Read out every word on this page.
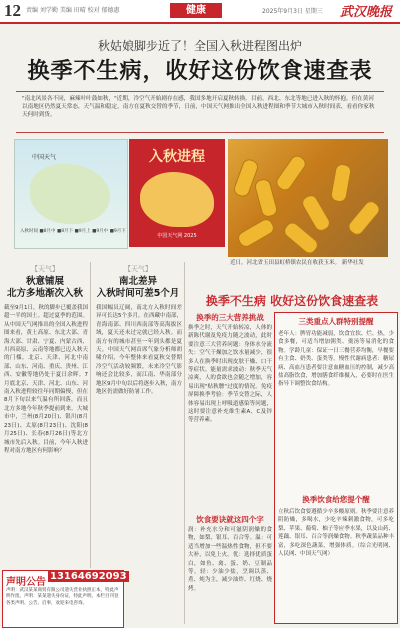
12 责编 刘学勤 美编 田晴 校对 郁德惠	健康	2025年9月3日 星期三 武汉晚报
秋姑娘脚步近了！全国入秋进程图出炉
换季不生病，收好这份饮食速查表
"南北风景各不同，麻辣叶叶鼓如秋，"近期，冷空气开始剧存在感，我国多地开启夏秋转换。目前，西北、东北等地已进入秋的怀抱，但在黄河以南地区仍然夏天常态，天气温和稳定，南方在夏秋交替的季节，日前，中国天气网推出全国入秋进程图和季节大城市入秋时间表，看看你家秋天何时到货。
中国天气
入秋时间 ■8月中 ■8月下 ■9月上 ■9月中 ■9月下
入秋进程
中国天气网 2025
近日，河北省玉田县虹桥镇农民在收获玉米。 新华社发
【天气】
秋意铺展
北方多地渐次入秋
截至9月1日，秋的脚步已覆盖我国超一半的国土。超过夏季的范围。从中国天气网推出的全国入秋进程图来看，黄土高原、东北大部、青海大部、甘肃、宁夏、内蒙古西、川西高原、云南等地都已迈入秋天的门槛。北京、天津、河北中南部、山东、河南、重庆、贵州、江西、安徽等地仍处于夏日余晖。7月底北京、天津、河北、山东、河南入秋进程较往年同期偏慢，但在8月下旬以来气温有所回落，而且北方多地今年秋季提前到来。大城市中，兰州(8月20日)、银川(8月23日)、太原(8月23日)、沈阳(8月25日)、长春(8月26日)等北方城市先后入秋。目前，今年入秋进程对南方地区有何影响？
【天气】
南北差异
入秋时间可差5个月
我国幅员辽阔，南北方入秋时间差异可长达5个多月。在西藏中南部，青海南部、四川西南部等高海拔区域，夏天还未过完就已经入秋。而南方有的城市甚至一年到头都是夏天。中国天气网首席气象分析师胡啸介绍，今年整体来看夏秋交替期冷空气活动较频繁，未来冷空气影响还会比较多，而江南、华南部分地区9月中旬以后将逐步入秋，南方地区仍需做好防暑工作。
换季不生病 收好这份饮食速查表
换季的三大营养挑战
换季之时，天气开始转凉，人体的新陈代谢及免疫力随之波动，此时要注意三大营养问题：身体水分流失：空气干燥加之饮水量减少，很多人在换季时出现皮肤干燥、口干等症状。能量需求波动：秋季天气凉爽，人的食欲也会随之增加，容易出现"贴秋膘"过度的情况。免疫屏障换季考验：季节交替之际，人体容易出现上呼吸道感染等问题，这时要注意补充维生素A、C及锌等营养素。
饮食要诀就这四个字
润：补充水分和可滋阴润燥的食物，如梨、银耳、百合等。温：可适当增加一些温热性食物，但不要大补，以免上火。优：选择优质蛋白，如鱼、禽、蛋、奶、豆制品等。轻：少油少盐，烹调以蒸、煮、炖为主，减少油炸、红烧、烧烤。
三类重点人群特别提醒
老年人：脾胃功能减弱，饮食宜软、烂、热，少食多餐，可适当增加粥类、羹汤等易消化的食物。学龄儿童：保证一日三餐营养均衡，早餐要有主食、奶类、蛋类等。慢性代谢病患者：糖尿病、高血压患者要注意血糖血压的控制，减少高盐高脂饮食，增加膳食纤维摄入，必要时在医生指导下调整饮食结构。
换季饮食给您提个醒
立秋后饮食要遵循少辛多酸原则。秋季要注意养阴防燥，多喝水，少吃辛辣刺激食物，可多吃梨、苹果、葡萄、柚子等应季水果，以及山药、莲藕、银耳、百合等润燥食物。秋季蔬菜品种丰富，多吃深色蔬菜，增强体质。（综合光明网、人民网、中国天气网）
声明公告
13164692093
声明：武汉某某商贸有限公司遗失营业执照正本，特此声明作废。声明：某某遗失身份证，特此声明。本栏目刊登各类声明、公告、启事，欢迎来电咨询。
